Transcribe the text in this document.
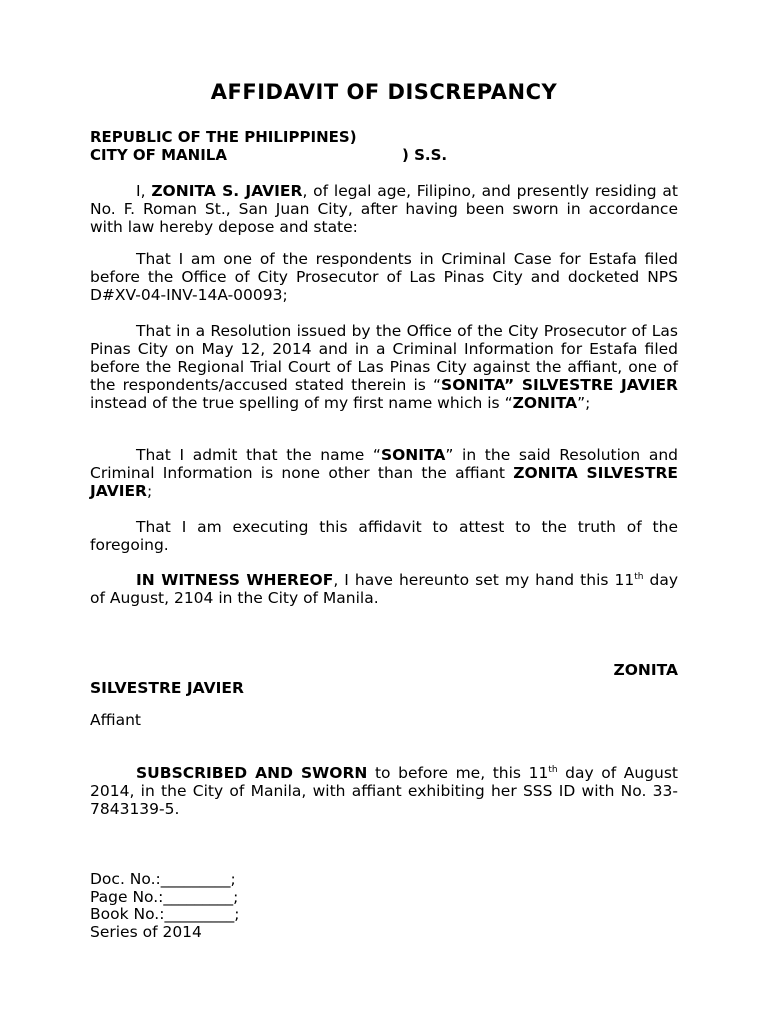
AFFIDAVIT OF DISCREPANCY
REPUBLIC OF THE PHILIPPINES)
CITY OF MANILA	) S.S.

I, ZONITA S. JAVIER, of legal age, Filipino, and presently residing at No. F. Roman St., San Juan City, after having been sworn in accordance with law hereby depose and state:

That I am one of the respondents in Criminal Case for Estafa filed before the Office of City Prosecutor of Las Pinas City and docketed NPS D#XV-04-INV-14A-00093;

That in a Resolution issued by the Office of the City Prosecutor of Las Pinas City on May 12, 2014 and in a Criminal Information for Estafa filed before the Regional Trial Court of Las Pinas City against the affiant, one of the respondents/accused stated therein is “SONITA” SILVESTRE JAVIER instead of the true spelling of my first name which is “ZONITA”;

That I admit that the name “SONITA” in the said Resolution and Criminal Information is none other than the affiant ZONITA SILVESTRE JAVIER;

That I am executing this affidavit to attest to the truth of the foregoing.

IN WITNESS WHEREOF, I have hereunto set my hand this 11th day of August, 2104 in the City of Manila.

ZONITA
SILVESTRE JAVIER
Affiant

SUBSCRIBED AND SWORN to before me, this 11th day of August 2014, in the City of Manila, with affiant exhibiting her SSS ID with No. 33-7843139-5.

Doc. No.:_________;
Page No.:_________;
Book No.:_________;
Series of 2014
